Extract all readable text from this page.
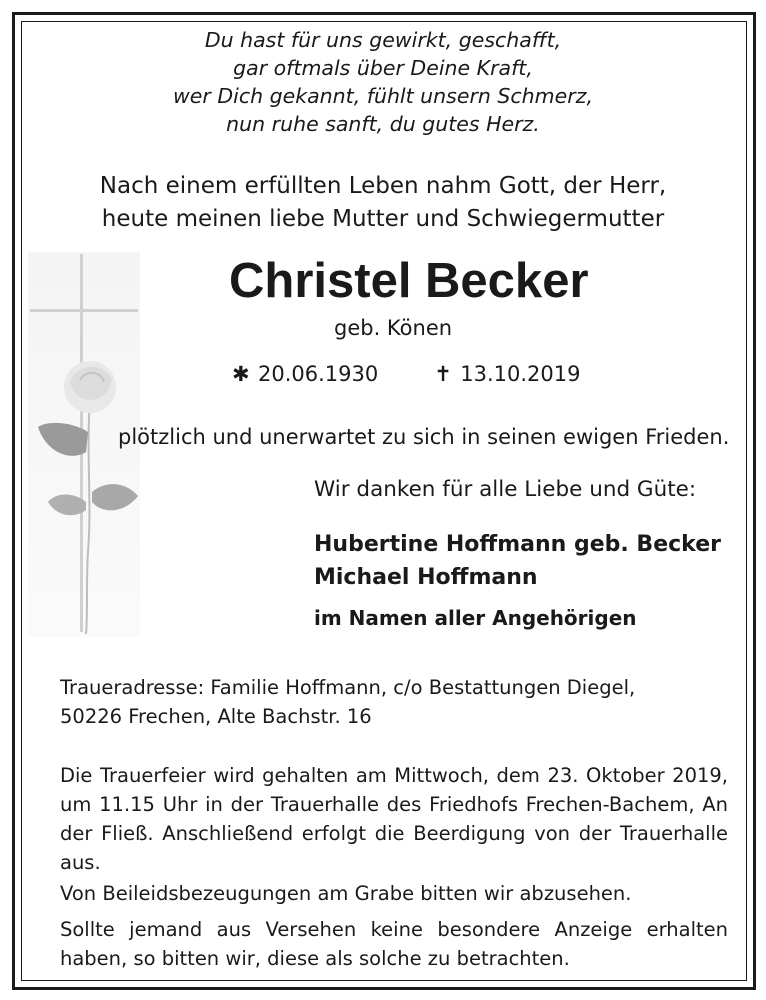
Du hast für uns gewirkt, geschafft,
gar oftmals über Deine Kraft,
wer Dich gekannt, fühlt unsern Schmerz,
nun ruhe sanft, du gutes Herz.
Nach einem erfüllten Leben nahm Gott, der Herr,
heute meinen liebe Mutter und Schwiegermutter
Christel Becker
geb. Könen
✱ 20.06.1930	✝ 13.10.2019
plötzlich und unerwartet zu sich in seinen ewigen Frieden.
Wir danken für alle Liebe und Güte:
Hubertine Hoffmann geb. Becker
Michael Hoffmann
im Namen aller Angehörigen
Traueradresse: Familie Hoffmann, c/o Bestattungen Diegel,
50226 Frechen, Alte Bachstr. 16
Die Trauerfeier wird gehalten am Mittwoch, dem 23. Oktober 2019, um 11.15 Uhr in der Trauerhalle des Friedhofs Frechen-Bachem, An der Fließ. Anschließend erfolgt die Beerdigung von der Trauerhalle aus.
Von Beileidsbezeugungen am Grabe bitten wir abzusehen.
Sollte jemand aus Versehen keine besondere Anzeige erhalten haben, so bitten wir, diese als solche zu betrachten.
